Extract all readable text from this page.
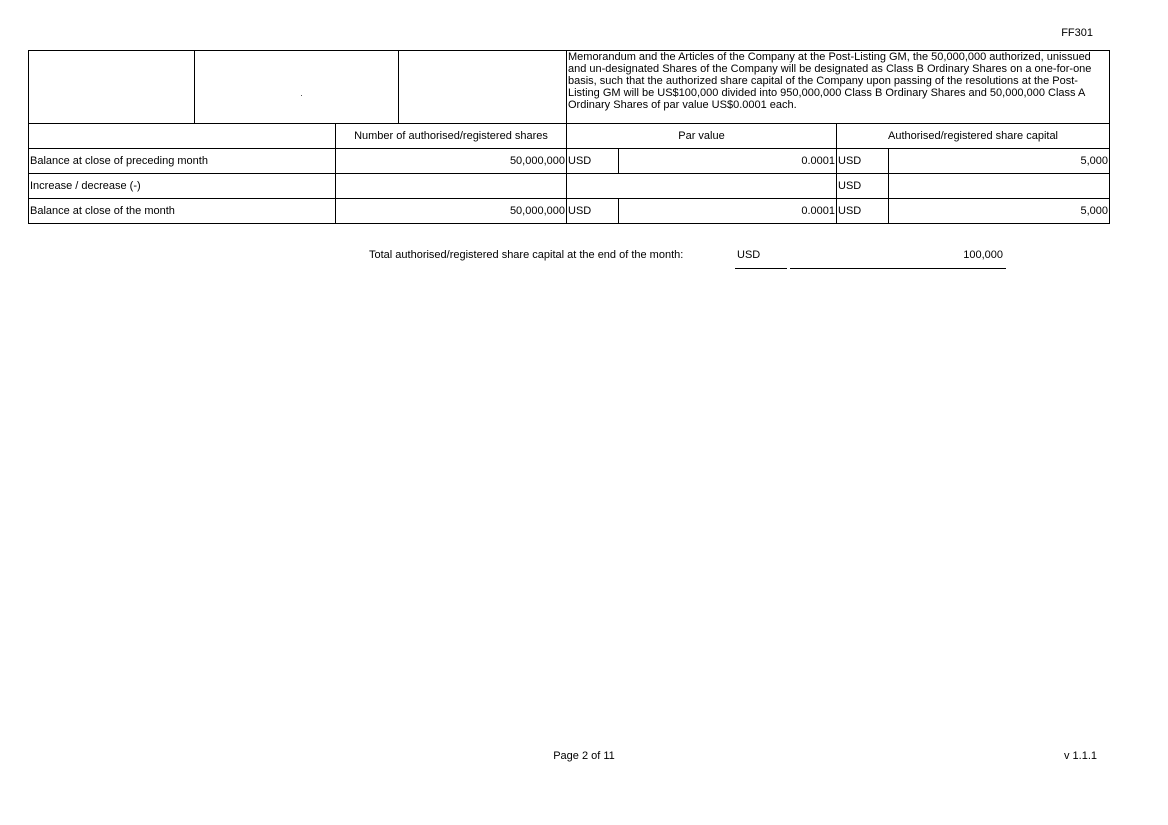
FF301
				Memorandum and the Articles of the Company at the Post-Listing GM, the 50,000,000 authorized, unissued and un-designated Shares of the Company will be designated as Class B Ordinary Shares on a one-for-one basis, such that the authorized share capital of the Company upon passing of the resolutions at the Post-Listing GM will be US$100,000 divided into 950,000,000 Class B Ordinary Shares and 50,000,000 Class A Ordinary Shares of par value US$0.0001 each.			
		Number of authorised/registered shares		Par value		Authorised/registered share capital	
Balance at close of preceding month		50,000,000		USD	0.0001	USD	5,000
Increase / decrease (-)						USD	
Balance at close of the month		50,000,000		USD	0.0001	USD	5,000
Total authorised/registered share capital at the end of the month:	USD	100,000
Page 2 of 11	v 1.1.1
